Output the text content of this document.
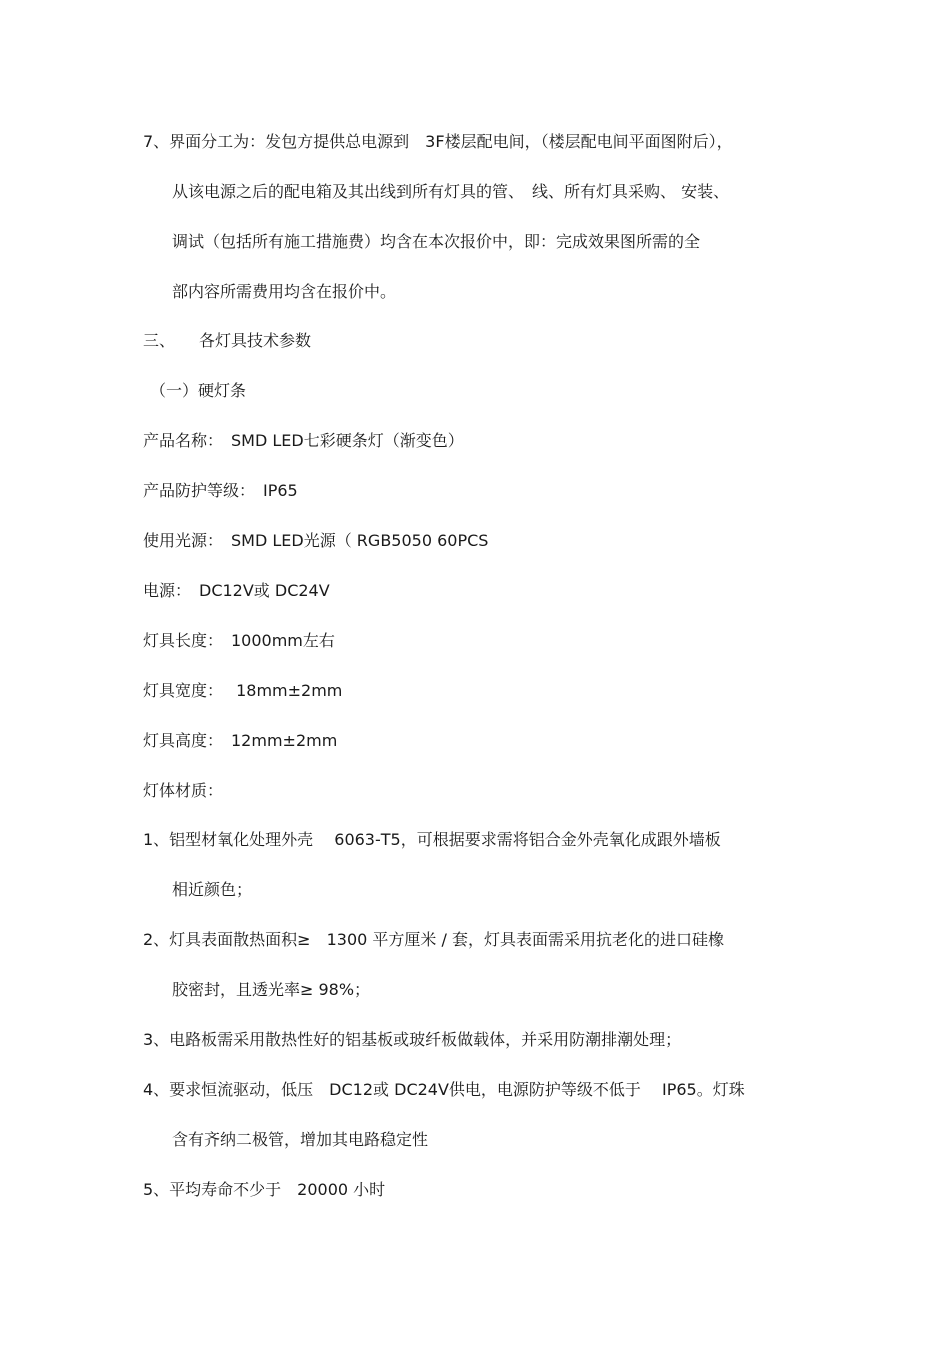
7、界面分工为：发包方提供总电源到　3F楼层配电间，（楼层配电间平面图附后），
从该电源之后的配电箱及其出线到所有灯具的管、　线、所有灯具采购、 安装、
调试（包括所有施工措施费）均含在本次报价中，即：完成效果图所需的全
部内容所需费用均含在报价中。
三、　　各灯具技术参数
（一）硬灯条
产品名称：　SMD LED七彩硬条灯（渐变色）
产品防护等级：　IP65
使用光源：　SMD LED光源（ RGB5050 60PCS
电源：　DC12V或 DC24V
灯具长度：　1000mm左右
灯具宽度：　 18mm±2mm
灯具高度：　12mm±2mm
灯体材质：
1、铝型材氧化处理外壳　 6063-T5，可根据要求需将铝合金外壳氧化成跟外墙板
相近颜色；
2、灯具表面散热面积≥　1300 平方厘米 / 套，灯具表面需采用抗老化的进口硅橡
胶密封，且透光率≥ 98%；
3、电路板需采用散热性好的铝基板或玻纤板做载体，并采用防潮排潮处理；
4、要求恒流驱动，低压　DC12或 DC24V供电，电源防护等级不低于　 IP65。灯珠
含有齐纳二极管，增加其电路稳定性
5、平均寿命不少于　20000 小时
